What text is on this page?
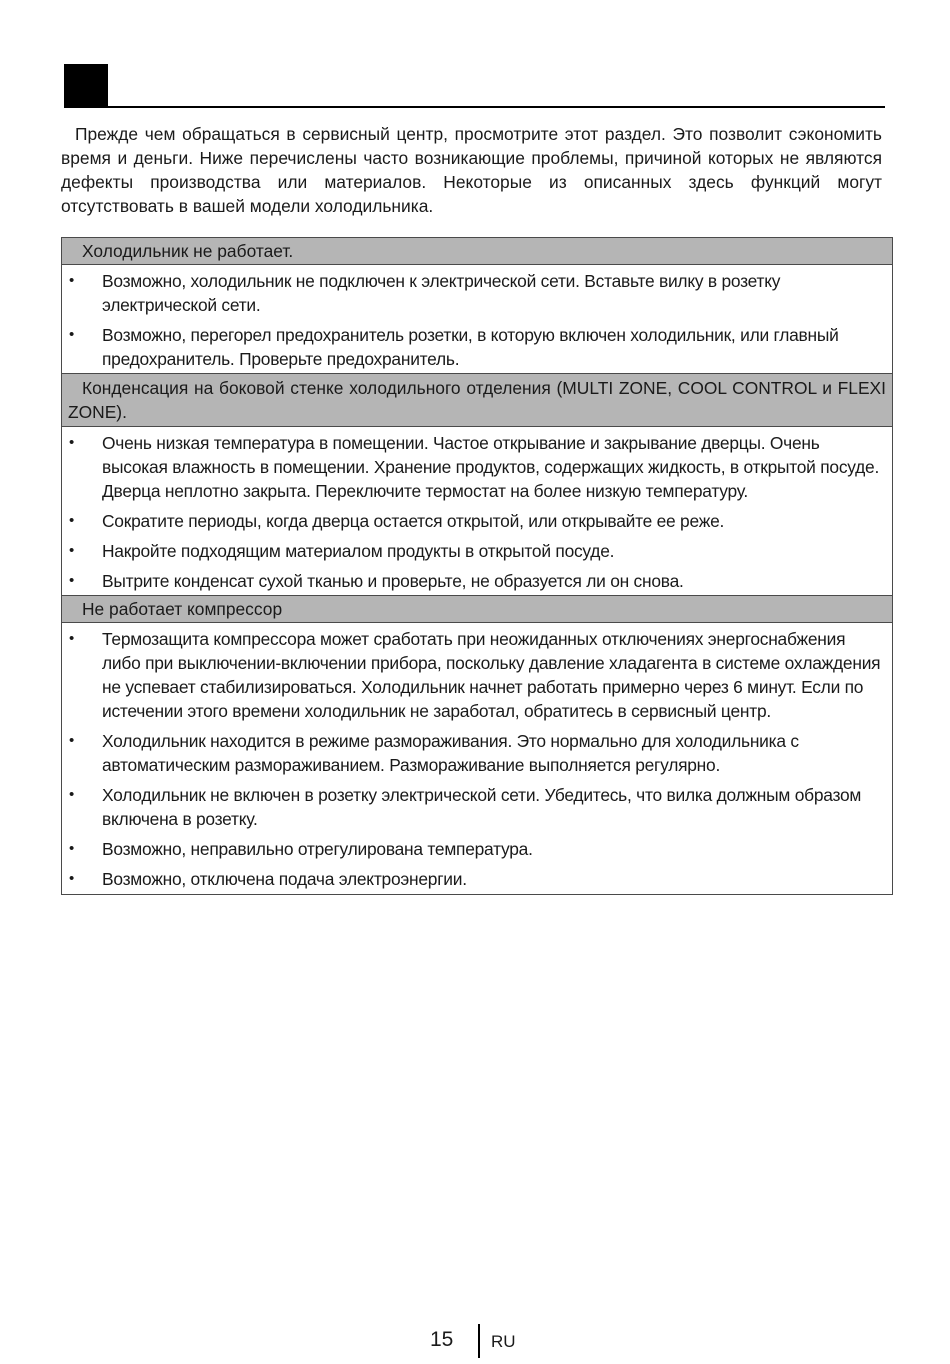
Прежде чем обращаться в сервисный центр, просмотрите этот раздел. Это позволит сэкономить время и деньги. Ниже перечислены часто возникающие проблемы, причиной которых не являются дефекты производства или материалов. Некоторые из описанных здесь функций могут отсутствовать в вашей модели холодильника.

Холодильник не работает.
• Возможно, холодильник не подключен к электрической сети. Вставьте вилку в розетку электрической сети.
• Возможно, перегорел предохранитель розетки, в которую включен холодильник, или главный предохранитель. Проверьте предохранитель.
Конденсация на боковой стенке холодильного отделения (MULTI ZONE, COOL CONTROL и FLEXI ZONE).
• Очень низкая температура в помещении. Частое открывание и закрывание дверцы. Очень высокая влажность в помещении. Хранение продуктов, содержащих жидкость, в открытой посуде. Дверца неплотно закрыта. Переключите термостат на более низкую температуру.
• Сократите периоды, когда дверца остается открытой, или открывайте ее реже.
• Накройте подходящим материалом продукты в открытой посуде.
• Вытрите конденсат сухой тканью и проверьте, не образуется ли он снова.
Не работает компрессор
• Термозащита компрессора может сработать при неожиданных отключениях энергоснабжения либо при выключении-включении прибора, поскольку давление хладагента в системе охлаждения не успевает стабилизироваться. Холодильник начнет работать примерно через 6 минут. Если по истечении этого времени холодильник не заработал, обратитесь в сервисный центр.
• Холодильник находится в режиме размораживания. Это нормально для холодильника с автоматическим размораживанием. Размораживание выполняется регулярно.
• Холодильник не включен в розетку электрической сети. Убедитесь, что вилка должным образом включена в розетку.
• Возможно, неправильно отрегулирована температура.
• Возможно, отключена подача электроэнергии.
15 RU
